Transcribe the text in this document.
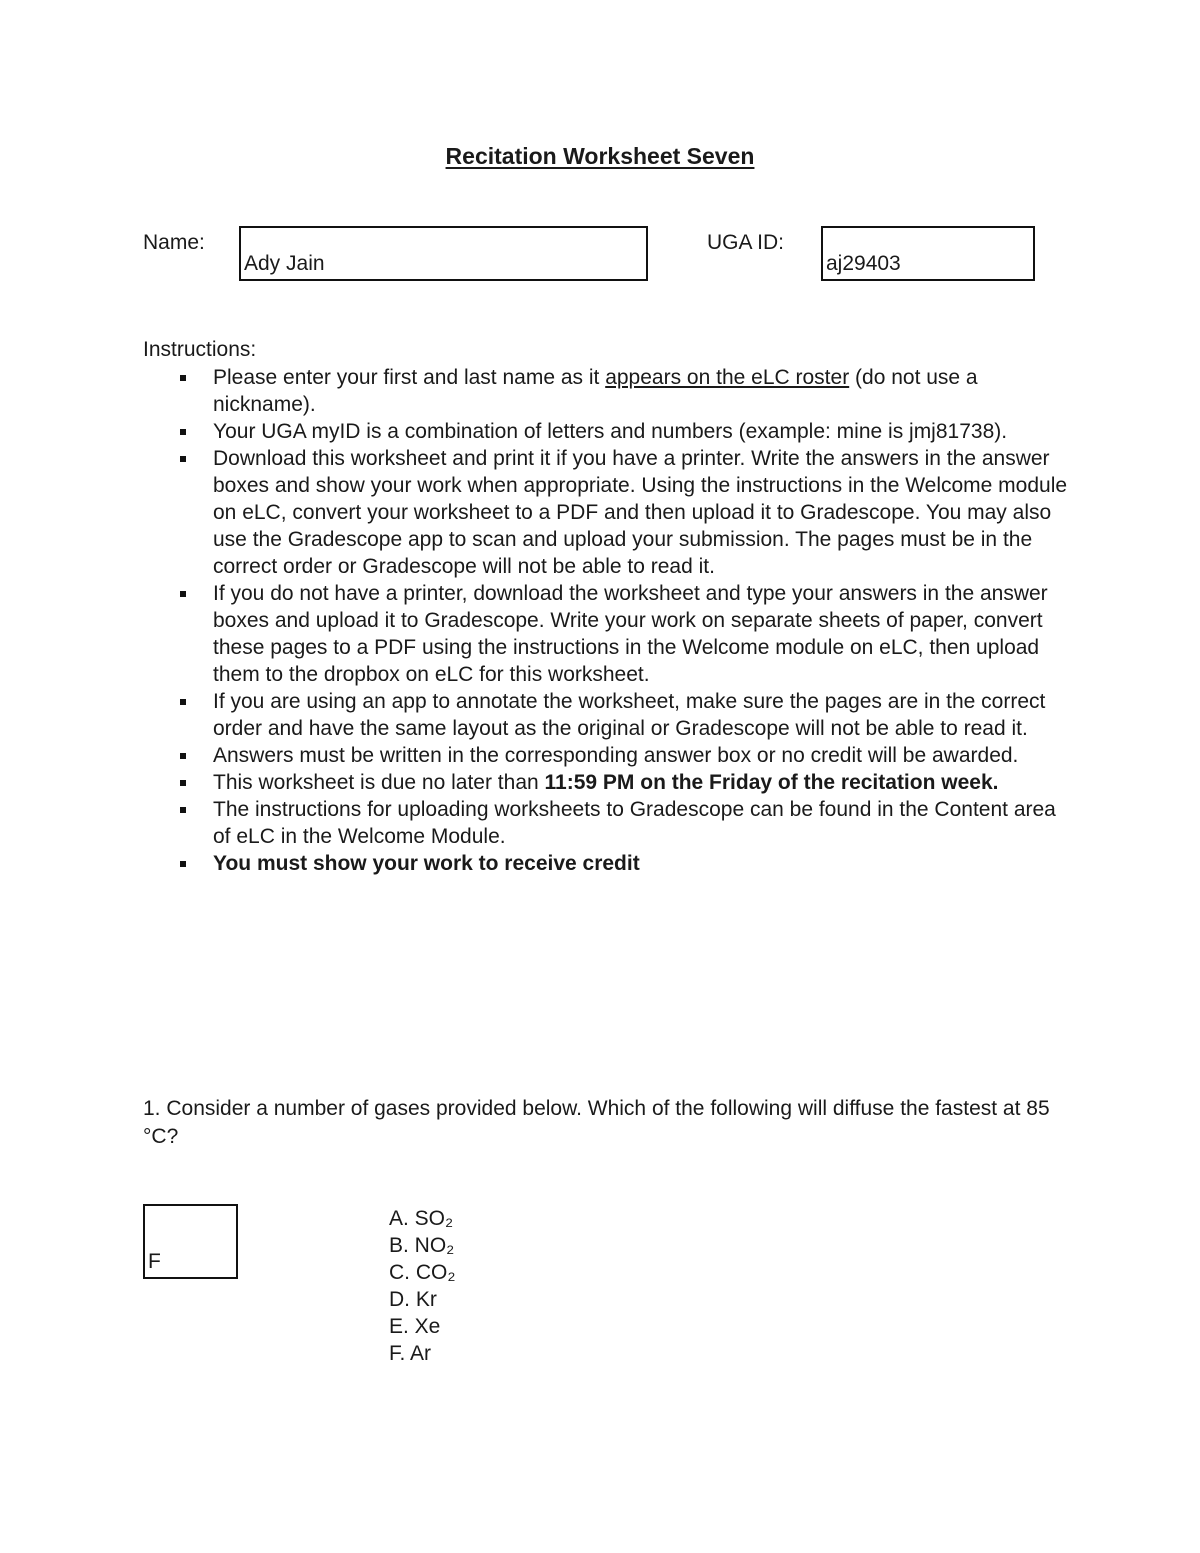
Recitation Worksheet Seven
Name:
Ady Jain
UGA ID:
aj29403
Instructions:
Please enter your first and last name as it appears on the eLC roster (do not use a nickname).
Your UGA myID is a combination of letters and numbers (example: mine is jmj81738).
Download this worksheet and print it if you have a printer. Write the answers in the answer boxes and show your work when appropriate. Using the instructions in the Welcome module on eLC, convert your worksheet to a PDF and then upload it to Gradescope. You may also use the Gradescope app to scan and upload your submission. The pages must be in the correct order or Gradescope will not be able to read it.
If you do not have a printer, download the worksheet and type your answers in the answer boxes and upload it to Gradescope. Write your work on separate sheets of paper, convert these pages to a PDF using the instructions in the Welcome module on eLC, then upload them to the dropbox on eLC for this worksheet.
If you are using an app to annotate the worksheet, make sure the pages are in the correct order and have the same layout as the original or Gradescope will not be able to read it.
Answers must be written in the corresponding answer box or no credit will be awarded.
This worksheet is due no later than 11:59 PM on the Friday of the recitation week.
The instructions for uploading worksheets to Gradescope can be found in the Content area of eLC in the Welcome Module.
You must show your work to receive credit
1. Consider a number of gases provided below. Which of the following will diffuse the fastest at 85 °C?
F
A. SO₂
B. NO₂
C. CO₂
D. Kr
E. Xe
F. Ar
